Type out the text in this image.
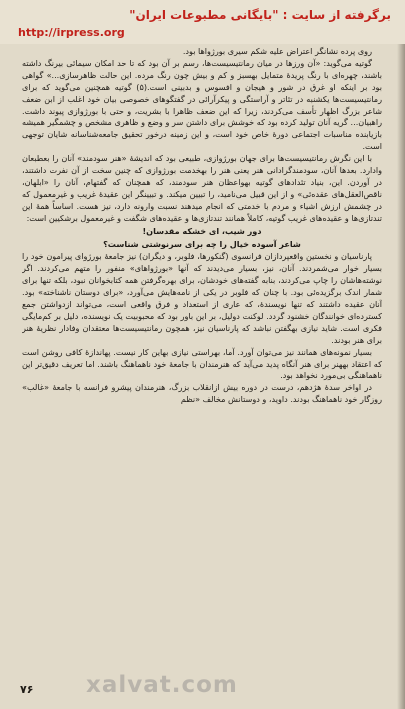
برگرفته از سایت : "بایگانی مطبوعات ایران"
http://irpress.org

روی پرده نشانگر اعتراض علیه شکم سیری بورژواها بود.

گوتیه می‌گوید: «آن ورزها در میان رمانتیسیست‌ها، رسم بر آن بود که تا حد امکان سیمائی بیرنگ داشته باشند، چهره‌ای با رنگ پریدهٔ متمایل بهسبز و کم و بیش چون رنگ مرده. این حالت ظاهرسازی...» گواهی بود بر اینکه او غرق در شور و هیجان و افسوس و بدبینی است.(۵) گوتیه همچنین می‌گوید که برای رمانتیسیست‌ها یکشنبه در تئاتر و آراستگی و پیکرآرائی در گفتگوهای خصوصی بیان خود اغلب از ابن ضعف شاعر بزرگ اظهار تأسف می‌کردند، زیرا که این ضعف ظاهرا با بشریت، و حتی با بورژوازی پیوند داشت. راهبیان... گریه آنان تولید کرده بود که خوشش برای داشتن سر و وضع و ظاهری مشخص و چشمگیر همیشه بازیابنده مناسبات اجتماعی دورهٔ خاص خود است، و این زمینه درخور تحقیق جامعه‌شناسانه شایان توجهی است.

با این نگرش رمانتیسیست‌ها برای جهان بورژوازی، طبیعی بود که اندیشهٔ «هنر سودمند» آنان را بعطبعان وادارد. بعدها آنان، سودمندگرادانی هنر یعنی هنر را بهخدمت بورژوازی که چنین سخت از آن نفرت داشتند، در آوردن. این، بنیاد تئدادهای گوتیه بهواعظان هنر سودمند، که همچنان که گفتهام، آنان را «ابلهان، ناقص‌العقل‌های عقده‌ئی» و از این قبیل می‌نامید، را تبیین میکند. و تبیینگر این عقیدهٔ غریب و غیرمعمول که در چشمش ارزش اشیاء و مردم با خدمتی که انجام میدهند نسبت وارونه دارد، نیز هست. اساساً همهٔ این تندتازی‌ها و عقیده‌های غریب گوتیه، کاملاً همانند تندتازی‌ها و عقیده‌های شگفت و غیرمعمول برشکیین است:

دور شیب، ای خشکه مقدسان!

شاعر آسوده خیال را چه برای سرنوشتی شناست؟

پارناسیان و نخستین واقعپردازان فرانسوی (گنکورها، فلوبر، و دیگران) نیز جامعهٔ بورژوای پیرامون خود را بسیار خوار می‌شمردند. آنان، نیز، بسیار می‌دیدند که آنها «بورژواهای» منفور را متهم می‌کردند. اگر نوشته‌هاشان را چاپ می‌کردند، بنابه گفته‌های خودشان، برای بهره‌گرفتن همه کتابخوانان نبود، بلکه تنها برای شمار اندک برگزیده‌ئی بود. با چنان که فلوبر در یکی از نامه‌هایش می‌آورد، «برای دوستان ناشناخته» بود. آنان عقیده داشتند که تنها نویسندهٔ، که عاری از استعداد و فرق واقعی است، می‌تواند ازدواشتن جمع کسترده‌ای خوانندگان خشنود گردد. ‌لوکنت دولیل، بر این باور بود که محبوبیت یک نویسنده، دلیل بر کم‌مایگی فکری است. شاید نیازی بهگفتن نباشد که پارناسیان نیز، همچون رمانتیسیست‌ها معتقدان وفادار نظریهٔ هنر برای هنر بودند.

بسیار نمونه‌های همانند نیز می‌توان آورد. آما، بهراستی نیازی بهاین کار نیست. پهاندازهٔ کافی روشن است که اعتقاد بههنر برای هنر آنگاه پدید می‌آید که هنرمندان با جامعهٔ خود ناهماهنگ باشند. اما تعریف دقیق‌تر این ناهماهنگی بی‌مورد نخواهد بود.

در اواخر سدهٔ هژدهم، درست در دوره بیش ازانقلاب بزرگ، هنرمندان پیشرو فرانسه با جامعهٔ «غالب» روزگار خود ناهماهنگ بودند. داوید، و دوستانش مخالف «نظم

xalvat.com
۷۶
